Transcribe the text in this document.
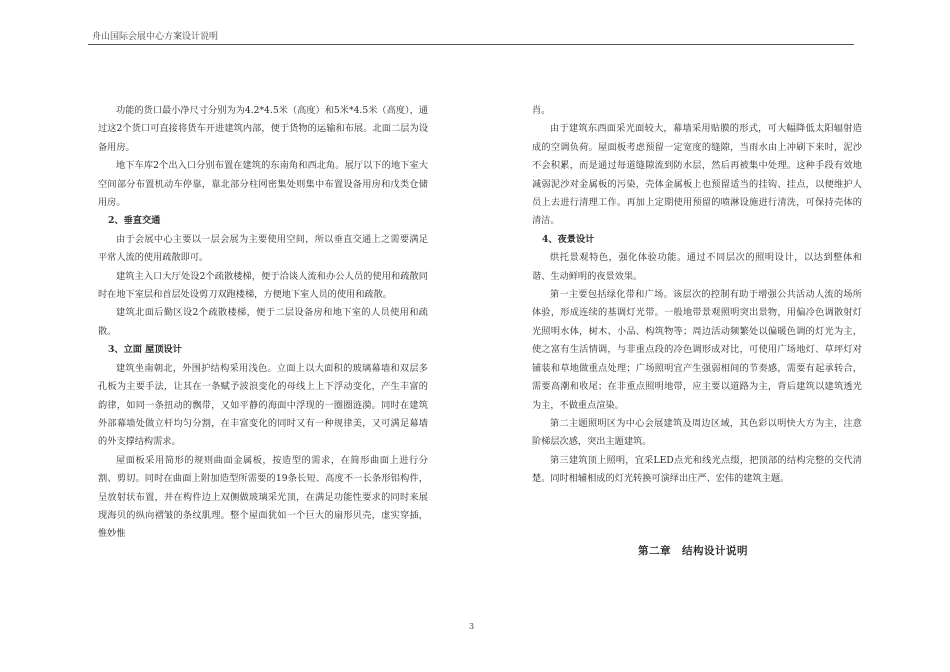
舟山国际会展中心方案设计说明

功能的货口最小净尺寸分别为为4.2*4.5米（高度）和5米*4.5米（高度），通过这2个货口可直接将货车开进建筑内部，便于货物的运输和布展。北面二层为设备用房。

地下车库2个出入口分别布置在建筑的东南角和西北角。展厅以下的地下室大空间部分布置机动车停靠，靠北部分柱网密集处则集中布置设备用房和戊类仓储用房。

2、垂直交通

由于会展中心主要以一层会展为主要使用空间，所以垂直交通上之需要满足平常人流的使用疏散即可。

建筑主入口大厅处设2个疏散楼梯，便于洽谈人流和办公人员的使用和疏散同时在地下室层和首层处设剪刀双跑楼梯，方便地下室人员的使用和疏散。

建筑北面后勤区设2个疏散楼梯，便于二层设备房和地下室的人员使用和疏散。

3、立面 屋顶设计

建筑坐南朝北，外围护结构采用浅色。立面上以大面积的玻璃幕墙和双层多孔板为主要手法，让其在一条赋予波浪变化的母线上上下浮动变化，产生丰富的韵律，如同一条扭动的飘带，又如平静的海面中浮现的一圈圈涟漪。同时在建筑外部幕墙处做立杆均匀分割，在丰富变化的同时又有一种规律美，又可满足幕墙的外支撑结构需求。

屋面板采用简形的规则曲面金属板，按造型的需求，在简形曲面上进行分割、剪切。同时在曲面上附加造型所需要的19条长短、高度不一长条形铝构件，呈放射状布置，并在构件边上双侧做玻璃采光顶，在满足功能性要求的同时来展现海贝的纵向褶皱的条纹肌理。整个屋面犹如一个巨大的扇形贝壳，虚实穿插，惟妙惟

肖。

由于建筑东西面采光面较大，幕墙采用贴膜的形式，可大幅降低太阳辐射造成的空调负荷。屋面板考虑预留一定宽度的缝隙，当雨水由上冲刷下来时，泥沙不会积累，而是通过每道缝隙流到防水层，然后再被集中处理。这种手段有效地减弱泥沙对金属板的污染，壳体金属板上也预留适当的挂钩、挂点，以便维护人员上去进行清理工作。再加上定期使用预留的喷淋设施进行清洗，可保持壳体的清洁。

4、夜景设计

烘托景观特色，强化体验功能。通过不同层次的照明设计，以达到整体和谐、生动鲜明的夜景效果。

第一主要包括绿化带和广场。该层次的控制有助于增强公共活动人流的场所体验，形成连续的基调灯光带。一般地带景观照明突出景物，用偏冷色调散射灯光照明水体，树木、小品、构筑物等；周边活动频繁处以偏暖色调的灯光为主，使之富有生活情调，与非重点段的冷色调形成对比，可使用广场地灯、草坪灯对铺装和草地做重点处理；广场照明宜产生强弱相间的节奏感，需要有起承转合，需要高潮和收尾；在非重点照明地带，应主要以道路为主，背后建筑以建筑透光为主，不做重点渲染。

第二主题照明区为中心会展建筑及周边区域，其色彩以明快大方为主，注意阶梯层次感，突出主题建筑。

第三建筑顶上照明，宜采LED点光和线光点缀，把顶部的结构完整的交代清楚。同时相辅相成的灯光转换可演绎出庄严、宏伟的建筑主题。

第二章　结构设计说明
3
